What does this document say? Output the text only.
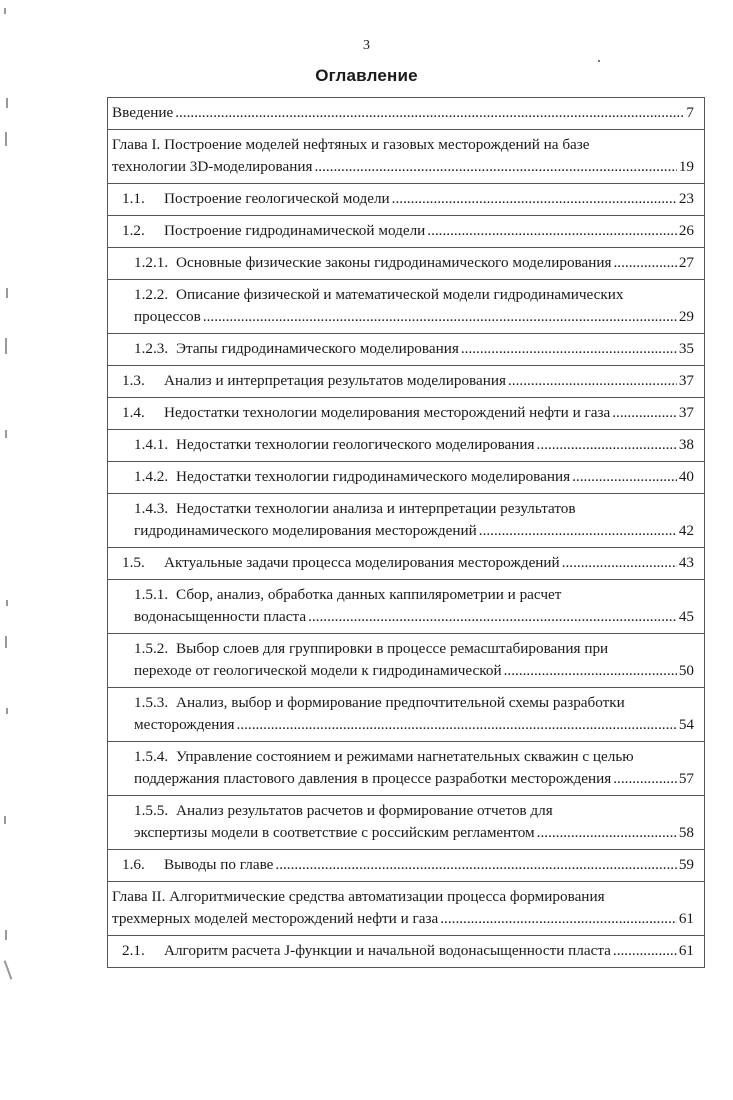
3
Оглавление
Введение .....	7

Глава I. Построение моделей нефтяных и газовых месторождений на базе
технологии 3D-моделирования .....	19

1.1.	Построение геологической модели .....	23

1.2.	Построение гидродинамической модели .....	26

1.2.1. Основные физические законы гидродинамического моделирования .....	27

1.2.2. Описание физической и математической модели гидродинамических
процессов .....	29

1.2.3. Этапы гидродинамического моделирования .....	35

1.3.	Анализ и интерпретация результатов моделирования .....	37

1.4.	Недостатки технологии моделирования месторождений нефти и газа .....	37

1.4.1. Недостатки технологии геологического моделирования .....	38

1.4.2. Недостатки технологии гидродинамического моделирования .....	40

1.4.3. Недостатки технологии анализа и интерпретации результатов
гидродинамического моделирования месторождений .....	42

1.5.	Актуальные задачи процесса моделирования месторождений .....	43

1.5.1. Сбор, анализ, обработка данных каппилярометрии и расчет
водонасыщенности пласта .....	45

1.5.2. Выбор слоев для группировки в процессе ремасштабирования при
переходе от геологической модели к гидродинамической .....	50

1.5.3. Анализ, выбор и формирование предпочтительной схемы разработки
месторождения .....	54

1.5.4. Управление состоянием и режимами нагнетательных скважин с целью
поддержания пластового давления в процессе разработки месторождения .....	57

1.5.5. Анализ результатов расчетов и формирование отчетов для
экспертизы модели в соответствие с российским регламентом .....	58

1.6.	Выводы по главе .....	59

Глава II. Алгоритмические средства автоматизации процесса формирования
трехмерных моделей месторождений нефти и газа .....	61

2.1.	Алгоритм расчета J-функции и начальной водонасыщенности пласта .....	61
